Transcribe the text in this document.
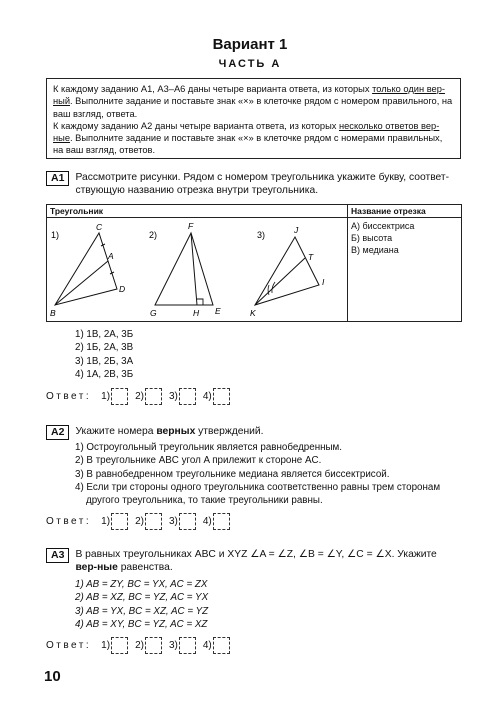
Вариант 1
ЧАСТЬ А
К каждому заданию А1, А3–А6 даны четыре варианта ответа, из которых только один вер-ный. Выполните задание и поставьте знак «×» в клеточке рядом с номером правильного, на ваш взгляд, ответа.
К каждому заданию А2 даны четыре варианта ответа, из которых несколько ответов вер-ные. Выполните задание и поставьте знак «×» в клеточке рядом с номерами правильных, на ваш взгляд, ответов.
А1	Рассмотрите рисунки. Рядом с номером треугольника укажите букву, соответ-ствующую названию отрезка внутри треугольника.
Треугольник	Название отрезка
1)	2)	3)
C
A
D
B
F
G	H E
J
T
I
K
А) биссектриса
Б) высота
В) медиана
1) 1В, 2А, 3Б
2) 1Б, 2А, 3В
3) 1В, 2Б, 3А
4) 1А, 2В, 3Б
Ответ: 1)	2)	3)	4)
А2	Укажите номера верных утверждений.
1) Остроугольный треугольник является равнобедренным.
2) В треугольнике ABC угол A прилежит к стороне AC.
3) В равнобедренном треугольнике медиана является биссектрисой.
4) Если три стороны одного треугольника соответственно равны трем сторонам
другого треугольника, то такие треугольники равны.
Ответ: 1)	2)	3)	4)
А3	В равных треугольниках ABC и XYZ ∠A = ∠Z, ∠B = ∠Y, ∠C = ∠X. Укажите вер-ные равенства.
1) AB = ZY, BC = YX, AC = ZX
2) AB = XZ, BC = YZ, AC = YX
3) AB = YX, BC = XZ, AC = YZ
4) AB = XY, BC = YZ, AC = XZ
Ответ: 1)	2)	3)	4)
10
